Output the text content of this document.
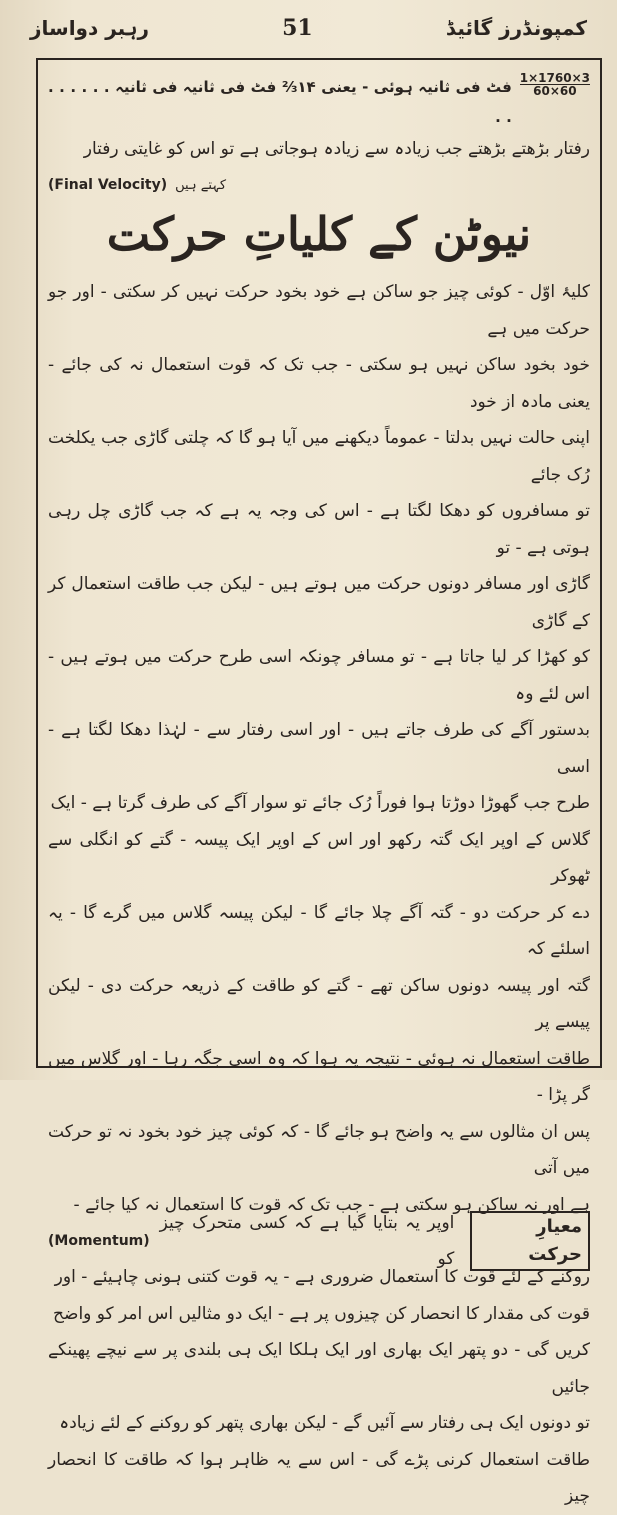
رہبر دواساز	51	کمپونڈرز گائیڈ
فٹ فی ثانیہ ہوئی - یعنی ۱۴⅔ فٹ فی ثانیہ فی ثانیہ . . . . . . . . $\frac{1\times 1760\times 3}{60\times 60}$
رفتار بڑھتے بڑھتے جب زیادہ سے زیادہ ہوجاتی ہے تو اس کو غایتی رفتار
(Final Velocity) کہتے ہیں
نیوٹن کے کلیاتِ حرکت

کلیۂ اوّل - کوئی چیز جو ساکن ہے خود بخود حرکت نہیں کر سکتی - اور جو حرکت میں ہے

خود بخود ساکن نہیں ہو سکتی - جب تک کہ قوت استعمال نہ کی جائے - یعنی مادہ از خود

اپنی حالت نہیں بدلتا - عموماً دیکھنے میں آیا ہو گا کہ چلتی گاڑی جب یکلخت رُک جائے

تو مسافروں کو دھکا لگتا ہے - اس کی وجہ یہ ہے کہ جب گاڑی چل رہی ہوتی ہے - تو

گاڑی اور مسافر دونوں حرکت میں ہوتے ہیں - لیکن جب طاقت استعمال کر کے گاڑی

کو کھڑا کر لیا جاتا ہے - تو مسافر چونکہ اسی طرح حرکت میں ہوتے ہیں - اس لئے وہ

بدستور آگے کی طرف جاتے ہیں - اور اسی رفتار سے - لہٰذا دھکا لگتا ہے - اسی

طرح جب گھوڑا دوڑتا ہوا فوراً رُک جائے تو سوار آگے کی طرف گرتا ہے - ایک

گلاس کے اوپر ایک گتہ رکھو اور اس کے اوپر ایک پیسہ - گتے کو انگلی سے ٹھوکر

دے کر حرکت دو - گتہ آگے چلا جائے گا - لیکن پیسہ گلاس میں گرے گا - یہ اسلئے کہ

گتہ اور پیسہ دونوں ساکن تھے - گتے کو طاقت کے ذریعہ حرکت دی - لیکن پیسے پر

طاقت استعمال نہ ہوئی - نتیجہ یہ ہوا کہ وہ اسی جگہ رہا - اور گلاس میں گر پڑا -

پس ان مثالوں سے یہ واضح ہو جائے گا - کہ کوئی چیز خود بخود نہ تو حرکت میں آتی

ہے اور نہ ساکن ہو سکتی ہے - جب تک کہ قوت کا استعمال نہ کیا جائے -

معیارِ حرکت
اوپر یہ بتایا گیا ہے کہ کسی متحرک چیز کو
(Momentum)

روکنے کے لئے قوت کا استعمال ضروری ہے - یہ قوت کتنی ہونی چاہیئے - اور

قوت کی مقدار کا انحصار کن چیزوں پر ہے - ایک دو مثالیں اس امر کو واضح

کریں گی - دو پتھر ایک بھاری اور ایک ہلکا ایک ہی بلندی پر سے نیچے پھینکے جائیں

تو دونوں ایک ہی رفتار سے آئیں گے - لیکن بھاری پتھر کو روکنے کے لئے زیادہ

طاقت استعمال کرنی پڑے گی - اس سے یہ ظاہر ہوا کہ طاقت کا انحصار چیز
